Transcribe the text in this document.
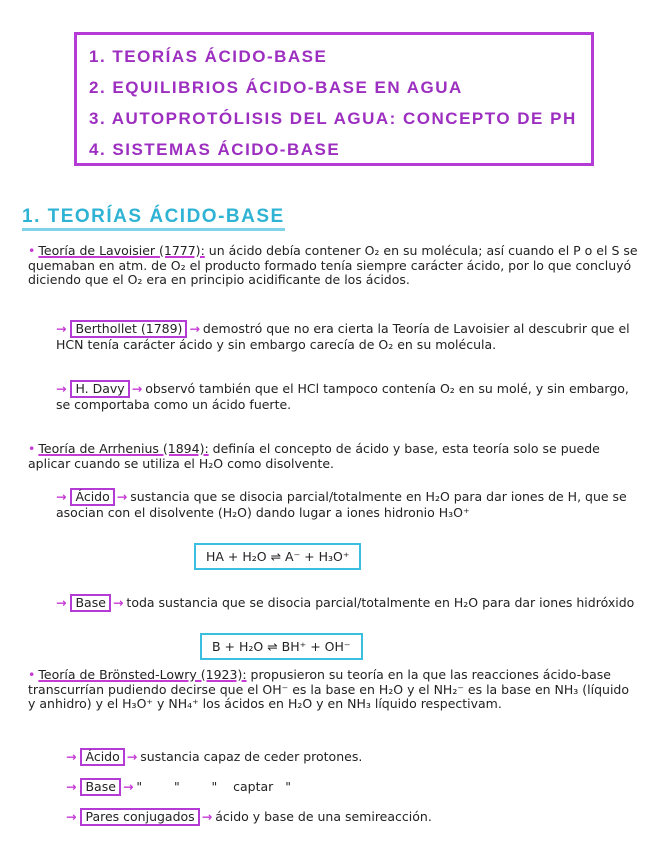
1. TEORÍAS ÁCIDO-BASE
2. EQUILIBRIOS ÁCIDO-BASE EN AGUA
3. AUTOPROTÓLISIS DEL AGUA: CONCEPTO DE PH
4. SISTEMAS ÁCIDO-BASE
1. TEORÍAS ÁCIDO-BASE
• Teoría de Lavoisier (1777): un ácido debía contener O₂ en su molécula; así cuando el P o el S se quemaban en atm. de O₂ el producto formado tenía siempre carácter ácido, por lo que concluyó diciendo que el O₂ era en principio acidificante de los ácidos.
→ Berthollet (1789) → demostró que no era cierta la Teoría de Lavoisier al descubrir que el HCN tenía carácter ácido y sin embargo carecía de O₂ en su molécula.
→ H. Davy → observó también que el HCl tampoco contenía O₂ en su molé, y sin embargo, se comportaba como un ácido fuerte.
• Teoría de Arrhenius (1894): definía el concepto de ácido y base, esta teoría solo se puede aplicar cuando se utiliza el H₂O como disolvente.
→ Ácido → sustancia que se disocia parcial/totalmente en H₂O para dar iones de H, que se asocian con el disolvente (H₂O) dando lugar a iones hidronio H₃O⁺
HA + H₂O ⇌ A⁻ + H₃O⁺
→ Base → toda sustancia que se disocia parcial/totalmente en H₂O para dar iones hidróxido
B + H₂O ⇌ BH⁺ + OH⁻
• Teoría de Brönsted-Lowry (1923): propusieron su teoría en la que las reacciones ácido-base transcurrían pudiendo decirse que el OH⁻ es la base en H₂O y el NH₂⁻ es la base en NH₃ (líquido y anhidro) y el H₃O⁺ y NH₄⁺ los ácidos en H₂O y en NH₃ líquido respectivam.
→ Ácido → sustancia capaz de ceder protones.
→ Base → "        "        "    captar   "
→ Pares conjugados → ácido y base de una semireacción.
